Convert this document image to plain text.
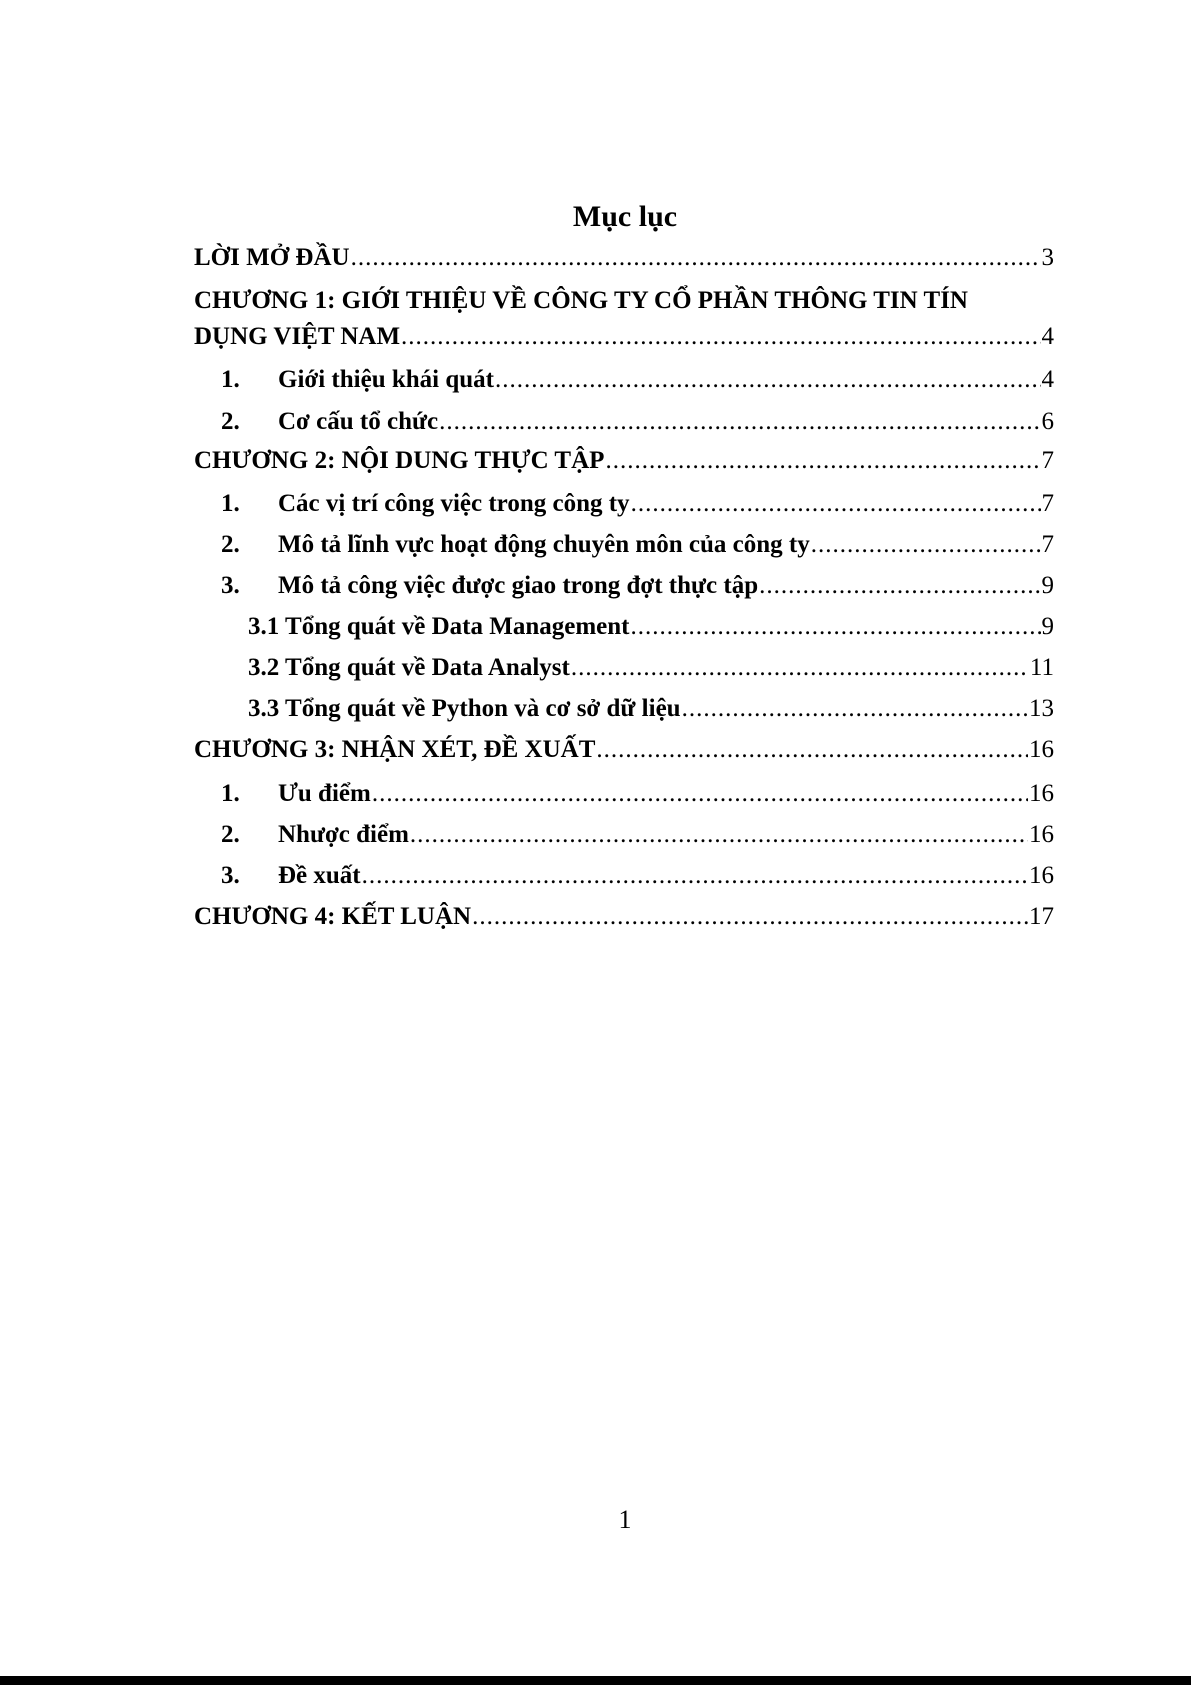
Mục lục
LỜI MỞ ĐẦU .....	3
CHƯƠNG 1: GIỚI THIỆU VỀ CÔNG TY CỔ PHẦN THÔNG TIN TÍN
DỤNG VIỆT NAM .....	4
1.	Giới thiệu khái quát .....	4
2.	Cơ cấu tổ chức .....	6
CHƯƠNG 2: NỘI DUNG THỰC TẬP .....	7
1.	Các vị trí công việc trong công ty .....	7
2.	Mô tả lĩnh vực hoạt động chuyên môn của công ty .....	7
3.	Mô tả công việc được giao trong đợt thực tập .....	9
3.1 Tổng quát về Data Management .....	9
3.2 Tổng quát về Data Analyst .....	11
3.3 Tổng quát về Python và cơ sở dữ liệu .....	13
CHƯƠNG 3: NHẬN XÉT, ĐỀ XUẤT .....	16
1.	Ưu điểm .....	16
2.	Nhược điểm .....	16
3.	Đề xuất .....	16
CHƯƠNG 4: KẾT LUẬN .....	17
1
